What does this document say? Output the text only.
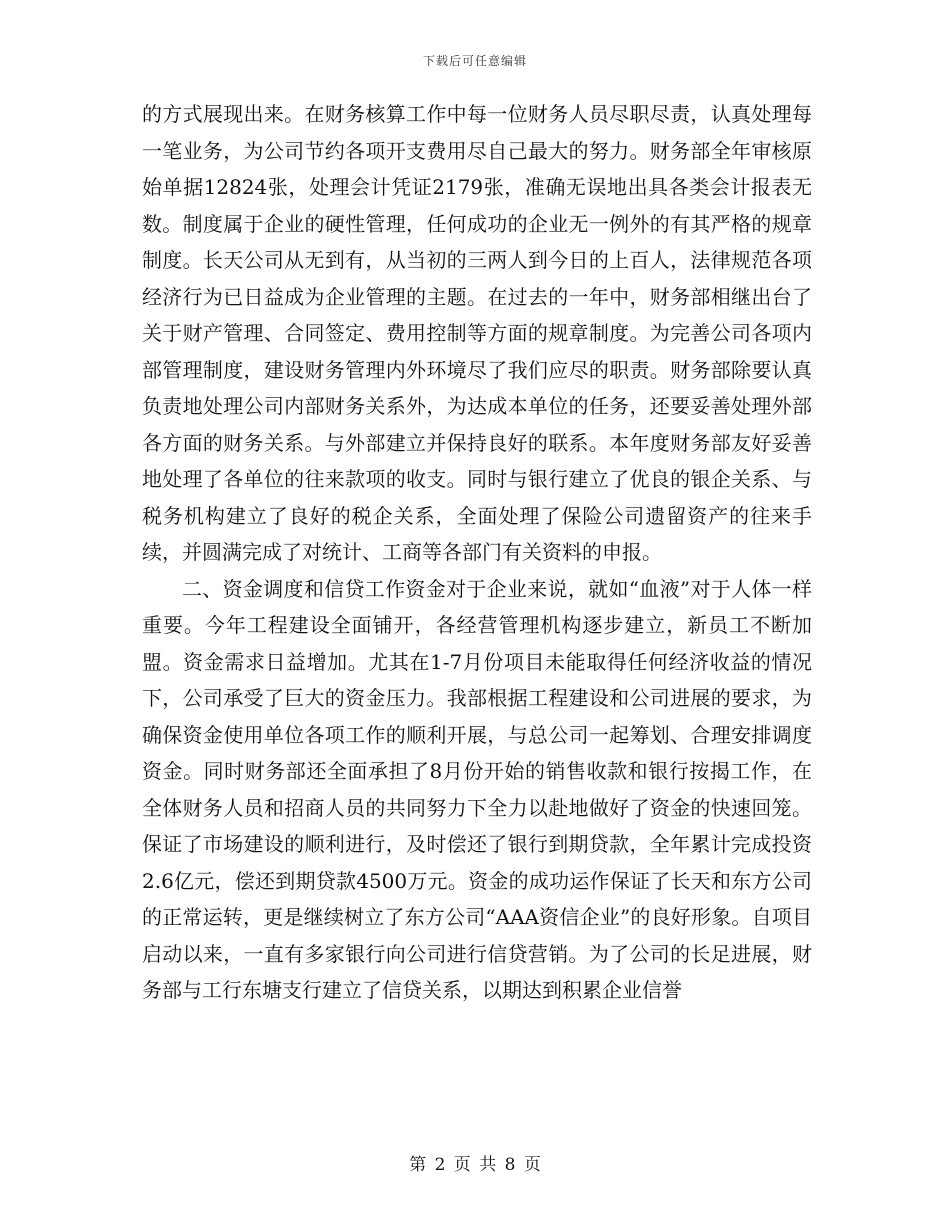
下载后可任意编辑

的方式展现出来。在财务核算工作中每一位财务人员尽职尽责，认真处理每一笔业务，为公司节约各项开支费用尽自己最大的努力。财务部全年审核原始单据12824张，处理会计凭证2179张，准确无误地出具各类会计报表无数。制度属于企业的硬性管理，任何成功的企业无一例外的有其严格的规章制度。长天公司从无到有，从当初的三两人到今日的上百人，法律规范各项经济行为已日益成为企业管理的主题。在过去的一年中，财务部相继出台了关于财产管理、合同签定、费用控制等方面的规章制度。为完善公司各项内部管理制度，建设财务管理内外环境尽了我们应尽的职责。财务部除要认真负责地处理公司内部财务关系外，为达成本单位的任务，还要妥善处理外部各方面的财务关系。与外部建立并保持良好的联系。本年度财务部友好妥善地处理了各单位的往来款项的收支。同时与银行建立了优良的银企关系、与税务机构建立了良好的税企关系，全面处理了保险公司遗留资产的往来手续，并圆满完成了对统计、工商等各部门有关资料的申报。

二、资金调度和信贷工作资金对于企业来说，就如“血液”对于人体一样重要。今年工程建设全面铺开，各经营管理机构逐步建立，新员工不断加盟。资金需求日益增加。尤其在1-7月份项目未能取得任何经济收益的情况下，公司承受了巨大的资金压力。我部根据工程建设和公司进展的要求，为确保资金使用单位各项工作的顺利开展，与总公司一起筹划、合理安排调度资金。同时财务部还全面承担了8月份开始的销售收款和银行按揭工作，在全体财务人员和招商人员的共同努力下全力以赴地做好了资金的快速回笼。保证了市场建设的顺利进行，及时偿还了银行到期贷款，全年累计完成投资2.6亿元，偿还到期贷款4500万元。资金的成功运作保证了长天和东方公司的正常运转，更是继续树立了东方公司“AAA资信企业”的良好形象。自项目启动以来，一直有多家银行向公司进行信贷营销。为了公司的长足进展，财务部与工行东塘支行建立了信贷关系，以期达到积累企业信誉

第 2 页 共 8 页
